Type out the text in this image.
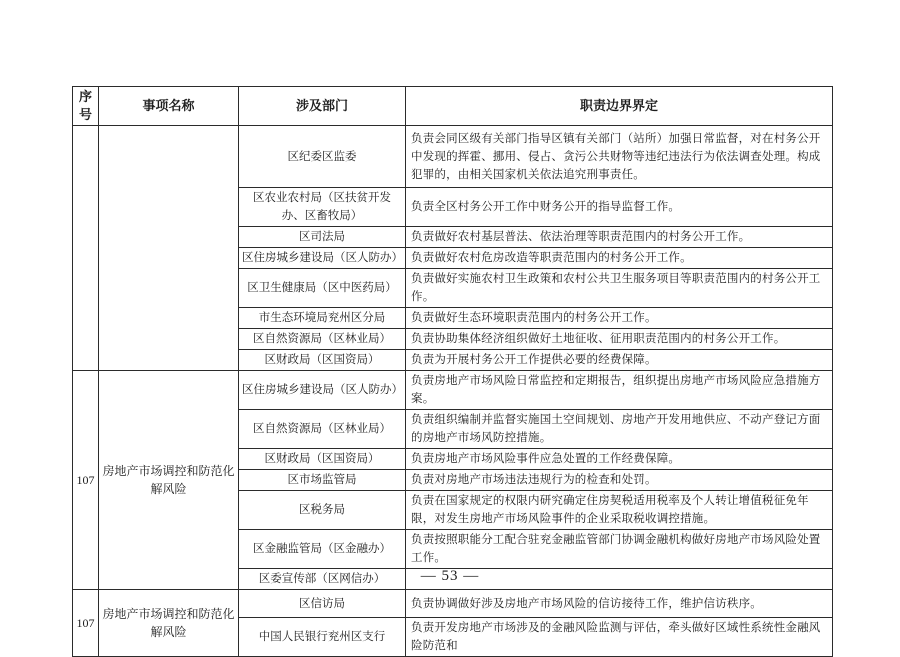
序号	事项名称	涉及部门	职责边界界定
		区纪委区监委	负责会同区级有关部门指导区镇有关部门（站所）加强日常监督，对在村务公开中发现的挥霍、挪用、侵占、贪污公共财物等违纪违法行为依法调查处理。构成犯罪的，由相关国家机关依法追究刑事责任。
		区农业农村局（区扶贫开发办、区畜牧局）	负责全区村务公开工作中财务公开的指导监督工作。
		区司法局	负责做好农村基层普法、依法治理等职责范围内的村务公开工作。
		区住房城乡建设局（区人防办）	负责做好农村危房改造等职责范围内的村务公开工作。
		区卫生健康局（区中医药局）	负责做好实施农村卫生政策和农村公共卫生服务项目等职责范围内的村务公开工作。
		市生态环境局兖州区分局	负责做好生态环境职责范围内的村务公开工作。
		区自然资源局（区林业局）	负责协助集体经济组织做好土地征收、征用职责范围内的村务公开工作。
		区财政局（区国资局）	负责为开展村务公开工作提供必要的经费保障。
107	房地产市场调控和防范化解风险	区住房城乡建设局（区人防办）	负责房地产市场风险日常监控和定期报告，组织提出房地产市场风险应急措施方案。
		区自然资源局（区林业局）	负责组织编制并监督实施国土空间规划、房地产开发用地供应、不动产登记方面的房地产市场风防控措施。
		区财政局（区国资局）	负责房地产市场风险事件应急处置的工作经费保障。
		区市场监管局	负责对房地产市场违法违规行为的检查和处罚。
		区税务局	负责在国家规定的权限内研究确定住房契税适用税率及个人转让增值税征免年限，对发生房地产市场风险事件的企业采取税收调控措施。
		区金融监管局（区金融办）	负责按照职能分工配合驻兖金融监管部门协调金融机构做好房地产市场风险处置工作。
		区委宣传部（区网信办）	
107	房地产市场调控和防范化解风险	区信访局	负责协调做好涉及房地产市场风险的信访接待工作，维护信访秩序。
		中国人民银行兖州区支行	负责开发房地产市场涉及的金融风险监测与评估，牵头做好区域性系统性金融风险防范和
— 53 —
